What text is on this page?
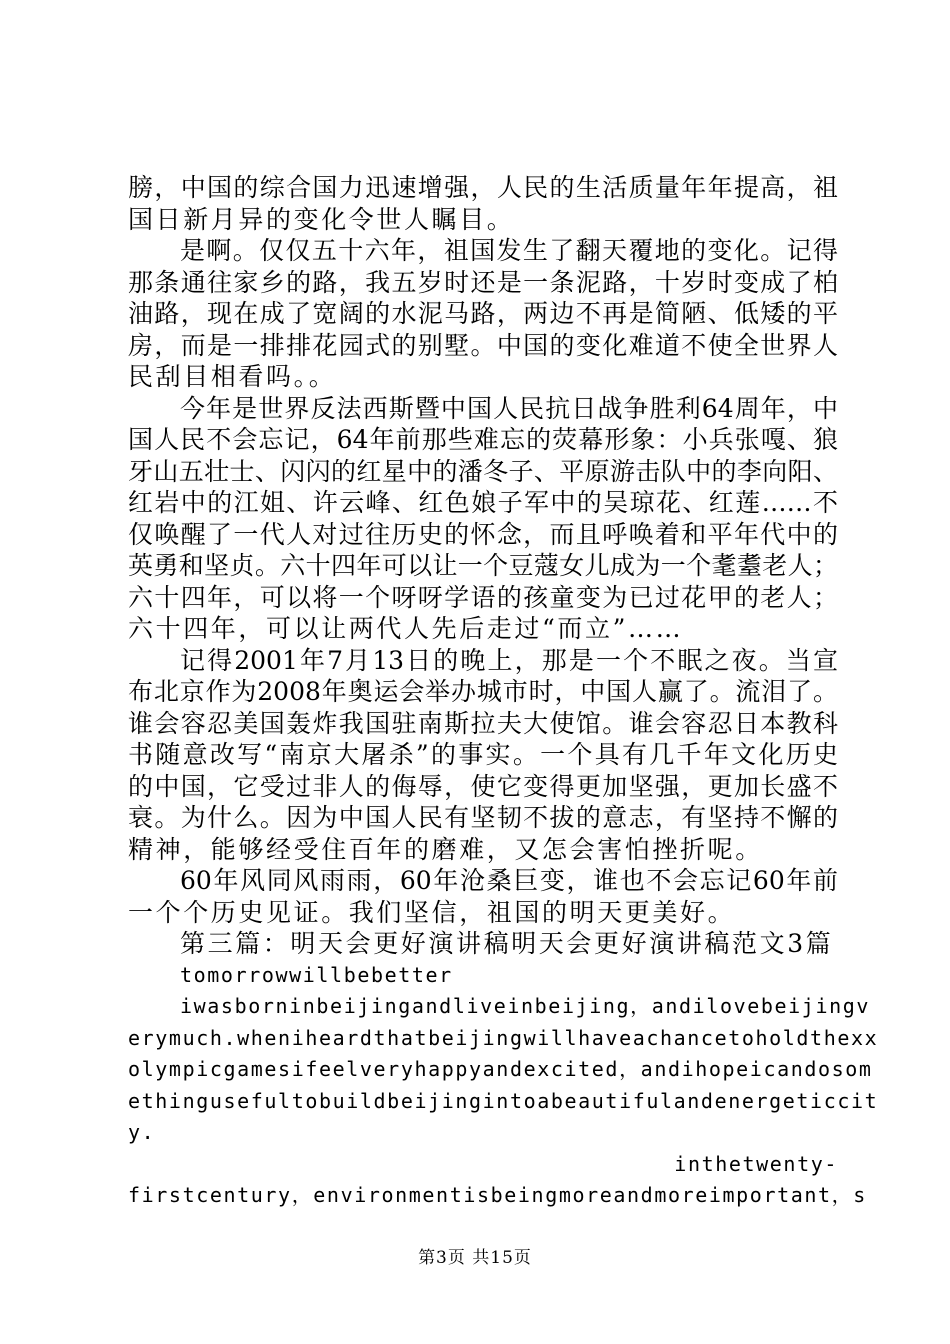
膀，中国的综合国力迅速增强，人民的生活质量年年提高，祖
国日新月异的变化令世人瞩目。
是啊。仅仅五十六年，祖国发生了翻天覆地的变化。记得
那条通往家乡的路，我五岁时还是一条泥路，十岁时变成了柏
油路，现在成了宽阔的水泥马路，两边不再是简陋、低矮的平
房，而是一排排花园式的别墅。中国的变化难道不使全世界人
民刮目相看吗。。
今年是世界反法西斯暨中国人民抗日战争胜利64周年，中
国人民不会忘记，64年前那些难忘的荧幕形象：小兵张嘎、狼
牙山五壮士、闪闪的红星中的潘冬子、平原游击队中的李向阳、
红岩中的江姐、许云峰、红色娘子军中的吴琼花、红莲……不
仅唤醒了一代人对过往历史的怀念，而且呼唤着和平年代中的
英勇和坚贞。六十四年可以让一个豆蔻女儿成为一个耄耋老人；
六十四年，可以将一个呀呀学语的孩童变为已过花甲的老人；
六十四年，可以让两代人先后走过“而立”……
记得2001年7月13日的晚上，那是一个不眠之夜。当宣
布北京作为2008年奥运会举办城市时，中国人赢了。流泪了。
谁会容忍美国轰炸我国驻南斯拉夫大使馆。谁会容忍日本教科
书随意改写“南京大屠杀”的事实。一个具有几千年文化历史
的中国，它受过非人的侮辱，使它变得更加坚强，更加长盛不
衰。为什么。因为中国人民有坚韧不拔的意志，有坚持不懈的
精神，能够经受住百年的磨难，又怎会害怕挫折呢。
60年风同风雨雨，60年沧桑巨变，谁也不会忘记60年前
一个个历史见证。我们坚信，祖国的明天更美好。
第三篇：明天会更好演讲稿明天会更好演讲稿范文3篇
tomorrowwillbebetter
iwasborninbeijingandliveinbeijing，andilovebeijingv
erymuch.wheniheardthatbeijingwillhaveachancetoholdthexx
olympicgamesifeelveryhappyandexcited，andihopeicandosom
ethingusefultobuildbeijingintoabeautifulandenergeticcit
y.
inthetwenty-
firstcentury，environmentisbeingmoreandmoreimportant，s
第3页 共15页
